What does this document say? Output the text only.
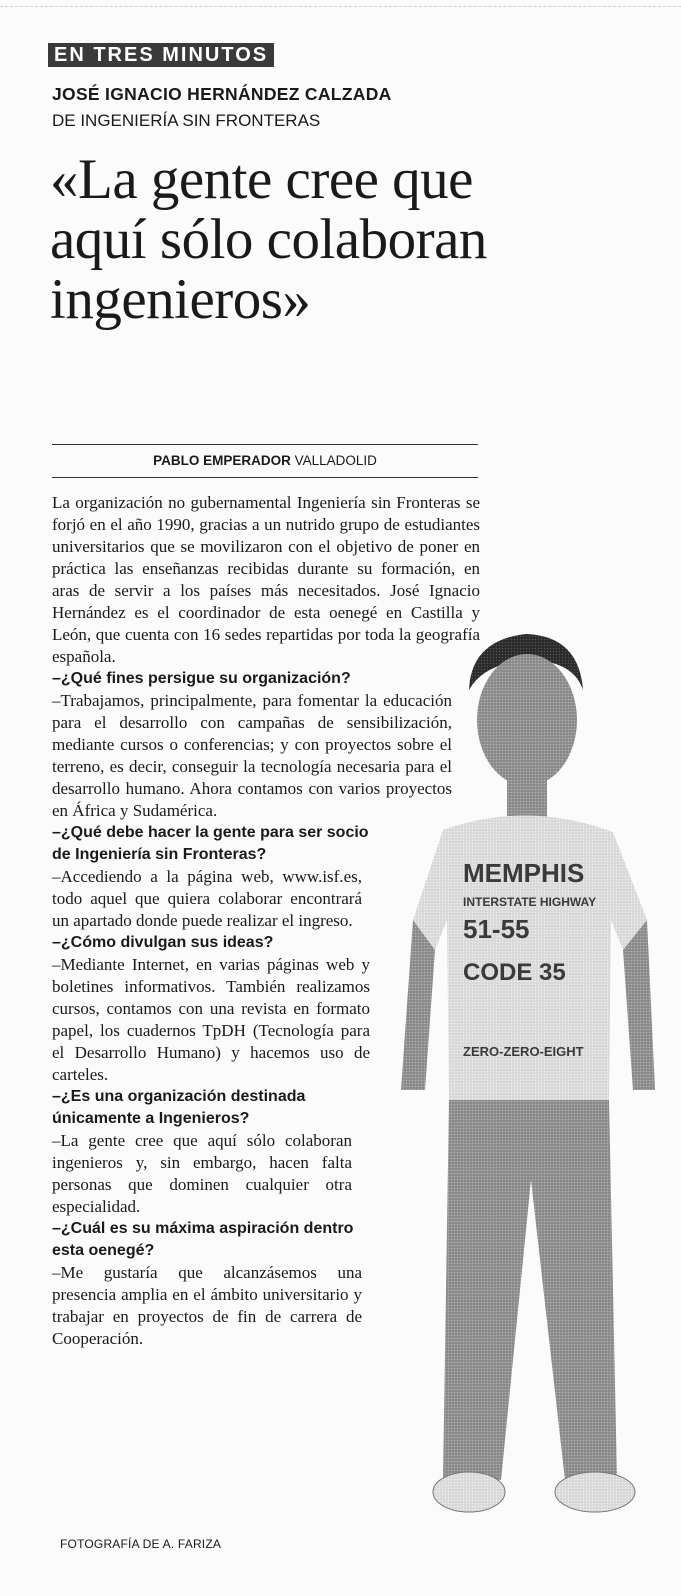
EN TRES MINUTOS
JOSÉ IGNACIO HERNÁNDEZ CALZADA
DE INGENIERÍA SIN FRONTERAS
«La gente cree que aquí sólo colaboran ingenieros»
PABLO EMPERADOR VALLADOLID
MEMPHIS
INTERSTATE HIGHWAY
51-55
CODE 35
ZERO-ZERO-EIGHT

La organización no gubernamental Ingeniería sin Fronteras se forjó en el año 1990, gracias a un nutrido grupo de estudiantes universitarios que se movilizaron con el objetivo de poner en práctica las enseñanzas recibidas durante su formación, en aras de servir a los países más necesitados. José Ignacio Hernández es el coordinador de esta oenegé en Castilla y León, que cuenta con 16 sedes repartidas por toda la geografía española.

–¿Qué fines persigue su organización?

–Trabajamos, principalmente, para fomentar la educación para el desarrollo con campañas de sensibilización, mediante cursos o conferencias; y con proyectos sobre el terreno, es decir, conseguir la tecnología necesaria para el desarrollo humano. Ahora contamos con varios proyectos en África y Sudamérica.

–¿Qué debe hacer la gente para ser socio de Ingeniería sin Fronteras?

–Accediendo a la página web, www.isf.es, todo aquel que quiera colaborar encontrará un apartado donde puede realizar el ingreso.

–¿Cómo divulgan sus ideas?

–Mediante Internet, en varias páginas web y boletines informativos. También realizamos cursos, contamos con una revista en formato papel, los cuadernos TpDH (Tecnología para el Desarrollo Humano) y hacemos uso de carteles.

–¿Es una organización destinada únicamente a Ingenieros?

–La gente cree que aquí sólo colaboran ingenieros y, sin embargo, hacen falta personas que dominen cualquier otra especialidad.

–¿Cuál es su máxima aspiración dentro esta oenegé?

–Me gustaría que alcanzásemos una presencia amplia en el ámbito universitario y trabajar en proyectos de fin de carrera de Cooperación.

FOTOGRAFÍA DE A. FARIZA
